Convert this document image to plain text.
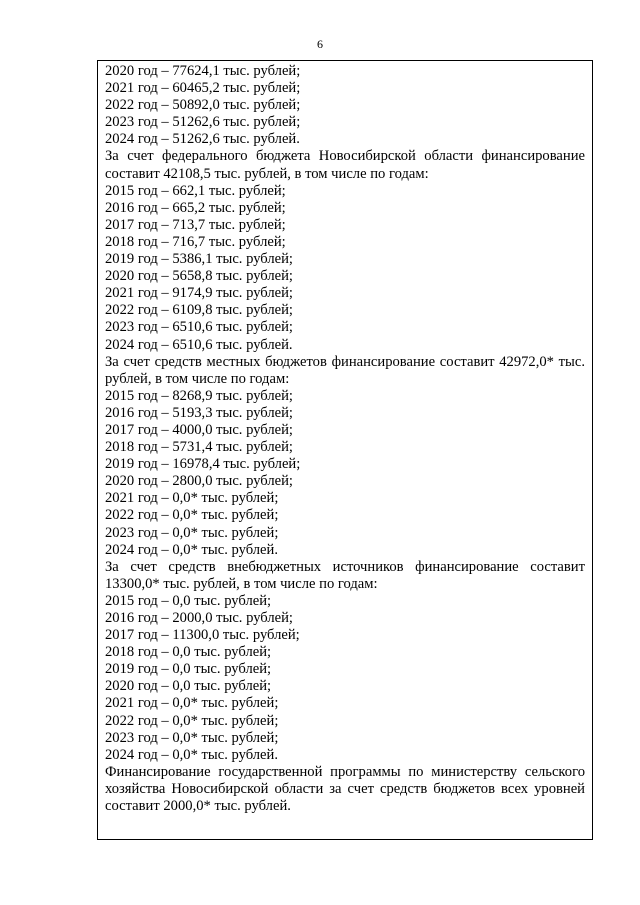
6
2020 год – 77624,1 тыс. рублей;
2021 год – 60465,2 тыс. рублей;
2022 год – 50892,0 тыс. рублей;
2023 год – 51262,6 тыс. рублей;
2024 год – 51262,6 тыс. рублей.
За счет федерального бюджета Новосибирской области финансирование составит 42108,5 тыс. рублей, в том числе по годам:
2015 год – 662,1 тыс. рублей;
2016 год – 665,2 тыс. рублей;
2017 год – 713,7 тыс. рублей;
2018 год – 716,7 тыс. рублей;
2019 год – 5386,1 тыс. рублей;
2020 год – 5658,8 тыс. рублей;
2021 год – 9174,9 тыс. рублей;
2022 год – 6109,8 тыс. рублей;
2023 год – 6510,6 тыс. рублей;
2024 год – 6510,6 тыс. рублей.
За счет средств местных бюджетов финансирование составит 42972,0* тыс. рублей, в том числе по годам:
2015 год – 8268,9 тыс. рублей;
2016 год – 5193,3 тыс. рублей;
2017 год – 4000,0 тыс. рублей;
2018 год – 5731,4 тыс. рублей;
2019 год – 16978,4 тыс. рублей;
2020 год – 2800,0 тыс. рублей;
2021 год – 0,0* тыс. рублей;
2022 год – 0,0* тыс. рублей;
2023 год – 0,0* тыс. рублей;
2024 год – 0,0* тыс. рублей.
За счет средств внебюджетных источников финансирование составит 13300,0* тыс. рублей, в том числе по годам:
2015 год – 0,0 тыс. рублей;
2016 год – 2000,0 тыс. рублей;
2017 год – 11300,0 тыс. рублей;
2018 год – 0,0 тыс. рублей;
2019 год – 0,0 тыс. рублей;
2020 год – 0,0 тыс. рублей;
2021 год – 0,0* тыс. рублей;
2022 год – 0,0* тыс. рублей;
2023 год – 0,0* тыс. рублей;
2024 год – 0,0* тыс. рублей.
Финансирование государственной программы по министерству сельского хозяйства Новосибирской области за счет средств бюджетов всех уровней составит 2000,0* тыс. рублей.
